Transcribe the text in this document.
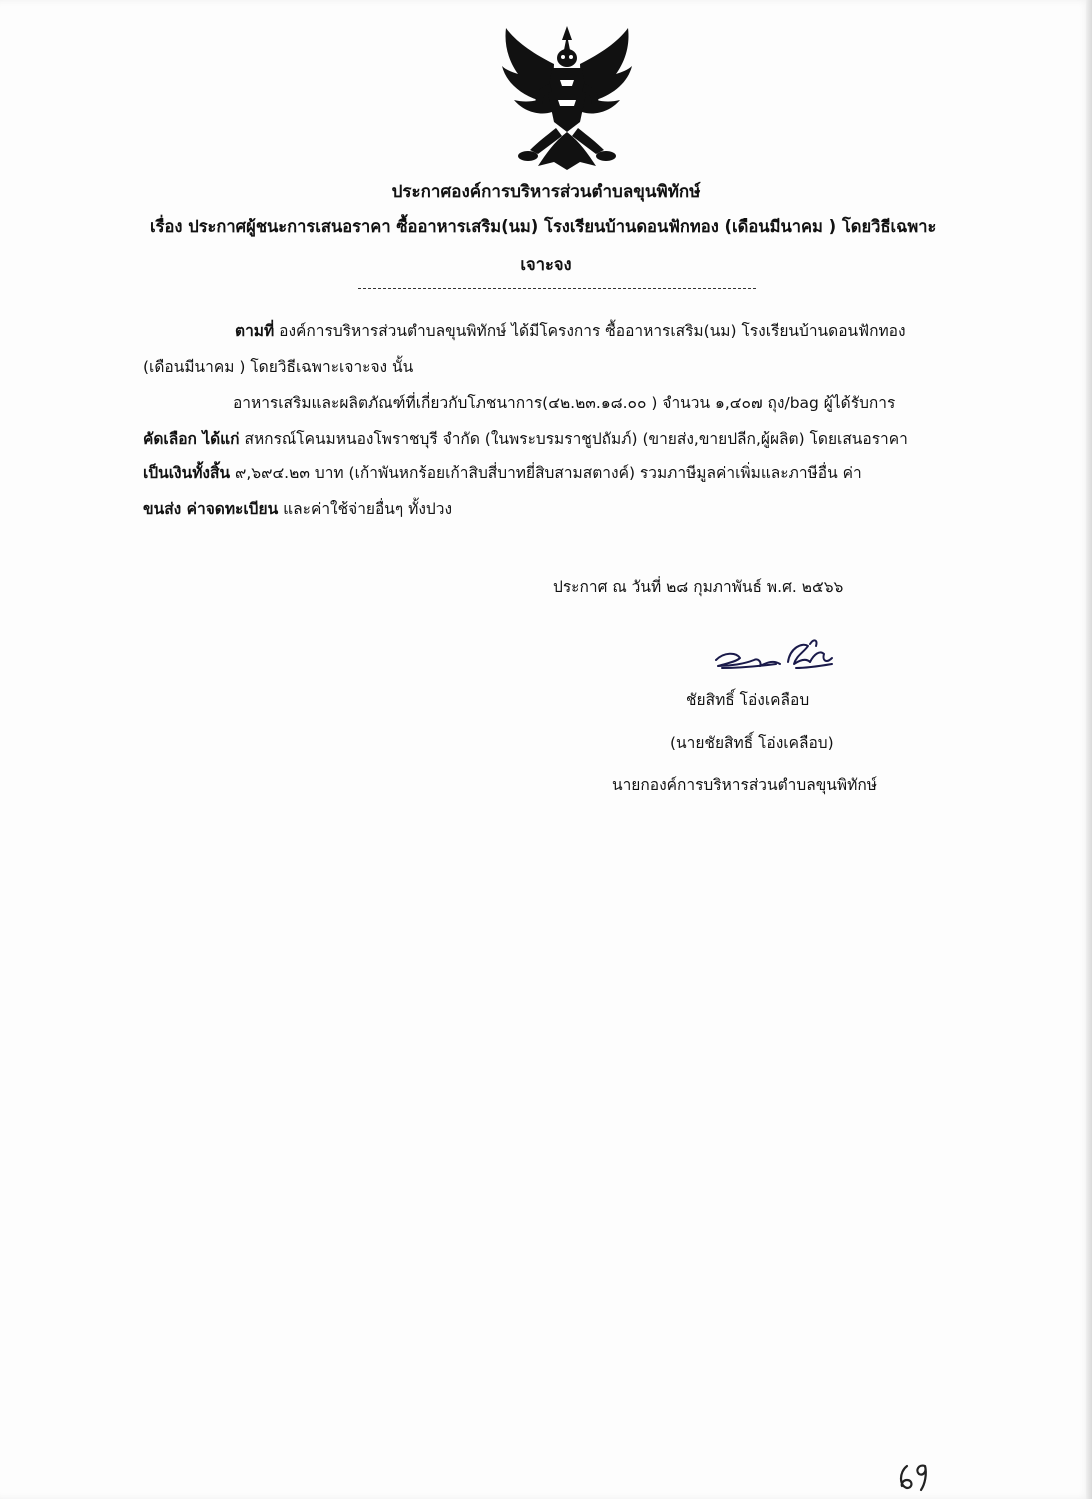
ประกาศองค์การบริหารส่วนตำบลขุนพิทักษ์
เรื่อง ประกาศผู้ชนะการเสนอราคา ซื้ออาหารเสริม(นม) โรงเรียนบ้านดอนฟักทอง (เดือนมีนาคม ) โดยวิธีเฉพาะ
เจาะจง
ตามที่ องค์การบริหารส่วนตำบลขุนพิทักษ์ ได้มีโครงการ ซื้ออาหารเสริม(นม) โรงเรียนบ้านดอนฟักทอง
(เดือนมีนาคม ) โดยวิธีเฉพาะเจาะจง นั้น
อาหารเสริมและผลิตภัณฑ์ที่เกี่ยวกับโภชนาการ(๔๒.๒๓.๑๘.๐๐ ) จำนวน ๑,๔๐๗ ถุง/bag ผู้ได้รับการ
คัดเลือก ได้แก่ สหกรณ์โคนมหนองโพราชบุรี จำกัด (ในพระบรมราชูปถัมภ์) (ขายส่ง,ขายปลีก,ผู้ผลิต) โดยเสนอราคา
เป็นเงินทั้งสิ้น ๙,๖๙๔.๒๓ บาท (เก้าพันหกร้อยเก้าสิบสี่บาทยี่สิบสามสตางค์) รวมภาษีมูลค่าเพิ่มและภาษีอื่น ค่า
ขนส่ง ค่าจดทะเบียน และค่าใช้จ่ายอื่นๆ ทั้งปวง
ประกาศ ณ วันที่ ๒๘ กุมภาพันธ์ พ.ศ. ๒๕๖๖
ชัยสิทธิ์ โอ่งเคลือบ
(นายชัยสิทธิ์ โอ่งเคลือบ)
นายกองค์การบริหารส่วนตำบลขุนพิทักษ์
